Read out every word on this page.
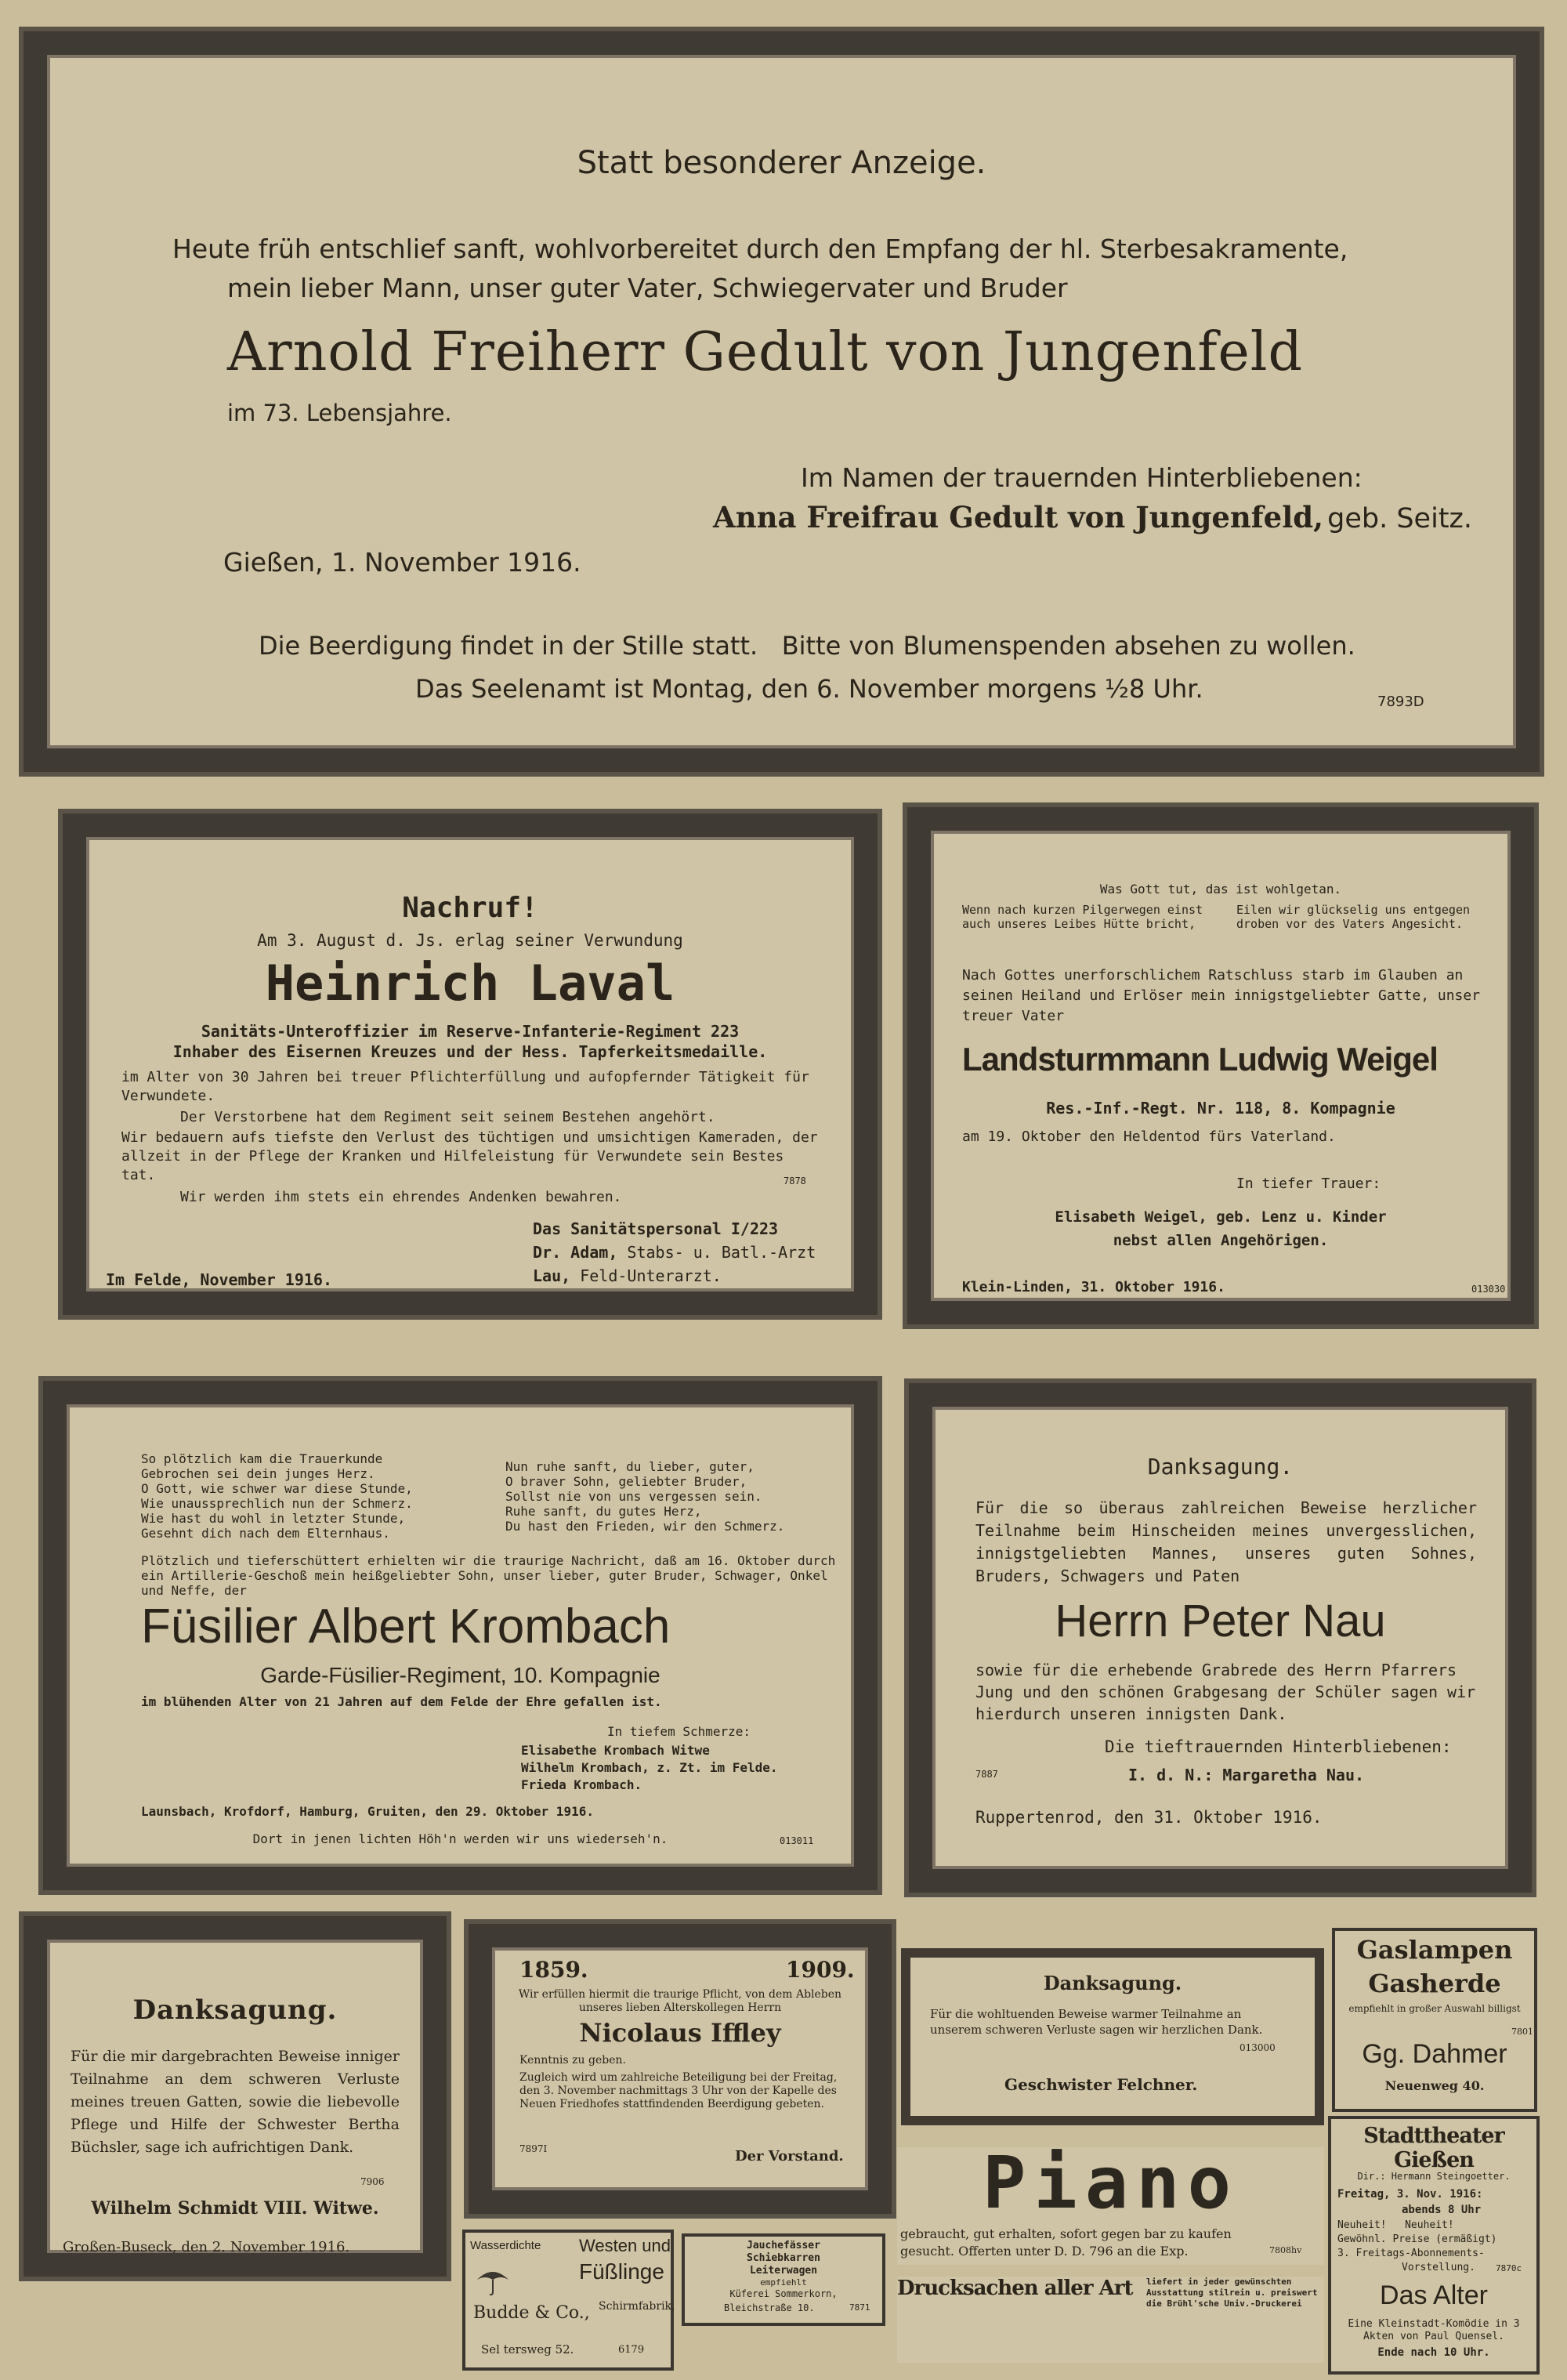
Statt besonderer Anzeige.
Heute früh entschlief sanft, wohlvorbereitet durch den Empfang der hl. Sterbesakramente,
mein lieber Mann, unser guter Vater, Schwiegervater und Bruder
Arnold Freiherr Gedult von Jungenfeld
im 73. Lebensjahre.
Im Namen der trauernden Hinterbliebenen:
Anna Freifrau Gedult von Jungenfeld, geb. Seitz.
Gießen, 1. November 1916.
Die Beerdigung findet in der Stille statt.   Bitte von Blumenspenden absehen zu wollen.
Das Seelenamt ist Montag, den 6. November morgens ½8 Uhr.	7893D
Nachruf!
Am 3. August d. Js. erlag seiner Verwundung
Heinrich Laval
Sanitäts-Unteroffizier im Reserve-Infanterie-Regiment 223
Inhaber des Eisernen Kreuzes und der Hess. Tapferkeitsmedaille.
im Alter von 30 Jahren bei treuer Pflichterfüllung und aufopfernder Tätigkeit für Verwundete.
Der Verstorbene hat dem Regiment seit seinem Bestehen angehört.
Wir bedauern aufs tiefste den Verlust des tüchtigen und umsichtigen Kameraden, der allzeit in der Pflege der Kranken und Hilfeleistung für Verwundete sein Bestes tat.
Wir werden ihm stets ein ehrendes Andenken bewahren.
7878
Das Sanitätspersonal I/223
Dr. Adam, Stabs- u. Batl.-Arzt
Lau, Feld-Unterarzt.
Im Felde, November 1916.
Was Gott tut, das ist wohlgetan.
Wenn nach kurzen Pilgerwegen einst auch unseres Leibes Hütte bricht,
Eilen wir glückselig uns entgegen droben vor des Vaters Angesicht.
Nach Gottes unerforschlichem Ratschluss starb im Glauben an seinen Heiland und Erlöser mein innigstgeliebter Gatte, unser treuer Vater
Landsturmmann Ludwig Weigel
Res.-Inf.-Regt. Nr. 118, 8. Kompagnie
am 19. Oktober den Heldentod fürs Vaterland.
In tiefer Trauer:
Elisabeth Weigel, geb. Lenz u. Kinder
nebst allen Angehörigen.
Klein-Linden, 31. Oktober 1916.	013030
So plötzlich kam die Trauerkunde
Gebrochen sei dein junges Herz.
O Gott, wie schwer war diese Stunde,
Wie unaussprechlich nun der Schmerz.
Wie hast du wohl in letzter Stunde,
Gesehnt dich nach dem Elternhaus.
Nun ruhe sanft, du lieber, guter,
O braver Sohn, geliebter Bruder,
Sollst nie von uns vergessen sein.
Ruhe sanft, du gutes Herz,
Du hast den Frieden, wir den Schmerz.
Plötzlich und tieferschüttert erhielten wir die traurige Nachricht, daß am 16. Oktober durch ein Artillerie-Geschoß mein heißgeliebter Sohn, unser lieber, guter Bruder, Schwager, Onkel und Neffe, der
Füsilier Albert Krombach
Garde-Füsilier-Regiment, 10. Kompagnie
im blühenden Alter von 21 Jahren auf dem Felde der Ehre gefallen ist.
In tiefem Schmerze:
Elisabethe Krombach Witwe
Wilhelm Krombach, z. Zt. im Felde.
Frieda Krombach.
Launsbach, Krofdorf, Hamburg, Gruiten, den 29. Oktober 1916.
Dort in jenen lichten Höh'n werden wir uns wiederseh'n.	013011
Danksagung.
Für die so überaus zahlreichen Beweise herzlicher Teilnahme beim Hinscheiden meines unvergesslichen, innigstgeliebten Mannes, unseres guten Sohnes, Bruders, Schwagers und Paten
Herrn Peter Nau
sowie für die erhebende Grabrede des Herrn Pfarrers Jung und den schönen Grabgesang der Schüler sagen wir hierdurch unseren innigsten Dank.
Die tieftrauernden Hinterbliebenen:
7887	I. d. N.: Margaretha Nau.
Ruppertenrod, den 31. Oktober 1916.
Danksagung.
Für die mir dargebrachten Beweise inniger Teilnahme an dem schweren Verluste meines treuen Gatten, sowie die liebevolle Pflege und Hilfe der Schwester Bertha Büchsler, sage ich aufrichtigen Dank.
7906
Wilhelm Schmidt VIII. Witwe.
Großen-Buseck, den 2. November 1916.
1859.	1909.
Wir erfüllen hiermit die traurige Pflicht, von dem Ableben unseres lieben Alterskollegen Herrn
Nicolaus Iffley
Kenntnis zu geben.
Zugleich wird um zahlreiche Beteiligung bei der Freitag, den 3. November nachmittags 3 Uhr von der Kapelle des Neuen Friedhofes stattfindenden Beerdigung gebeten.
7897I	Der Vorstand.
Danksagung.
Für die wohltuenden Beweise warmer Teilnahme an unserem schweren Verluste sagen wir herzlichen Dank.
013000
Geschwister Felchner.
Gaslampen
Gasherde
empfiehlt in großer Auswahl billigst
7801
Gg. Dahmer
Neuenweg 40.
Stadttheater Gießen
Dir.: Hermann Steingoetter.
Freitag, 3. Nov. 1916:
abends 8 Uhr
Neuheit!   Neuheit!
Gewöhnl. Preise (ermäßigt)
3. Freitags-Abonnements-
Vorstellung. 7870c
Das Alter
Eine Kleinstadt-Komödie in 3 Akten von Paul Quensel.
Ende nach 10 Uhr.
Piano
gebraucht, gut erhalten, sofort gegen bar zu kaufen gesucht. Offerten unter D. D. 796 an die Exp.	7808hv
Wasserdichte Westen und
Füßlinge
Budde & Co., Schirmfabrik,
Sel tersweg 52.	6179
Jauchefässer
Schiebkarren
Leiterwagen
empfiehlt
Küferei Sommerkorn,
Bleichstraße 10.	7871
Drucksachen aller Art liefert in jeder gewünschten
Ausstattung stilrein u. preiswert
die Brühl'sche Univ.-Druckerei
